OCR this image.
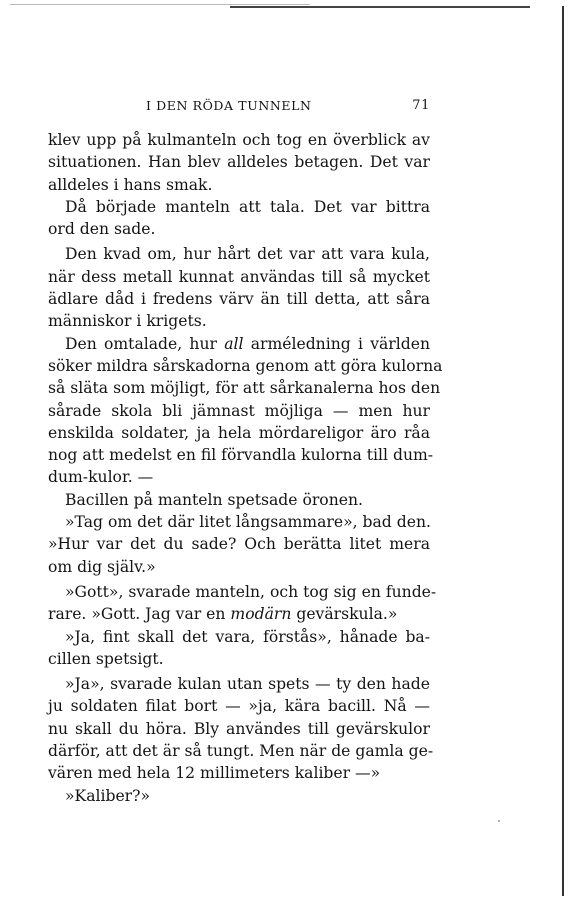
I DEN RÖDA TUNNELN	71
klev upp på kulmanteln och tog en överblick av
situationen. Han blev alldeles betagen. Det var
alldeles i hans smak.
Då började manteln att tala. Det var bittra
ord den sade.
Den kvad om, hur hårt det var att vara kula,
när dess metall kunnat användas till så mycket
ädlare dåd i fredens värv än till detta, att såra
människor i krigets.
Den omtalade, hur all arméledning i världen
söker mildra sårskadorna genom att göra kulorna
så släta som möjligt, för att sårkanalerna hos den
sårade skola bli jämnast möjliga — men hur
enskilda soldater, ja hela mördareligor äro råa
nog att medelst en fil förvandla kulorna till dum-
dum-kulor. —
Bacillen på manteln spetsade öronen.
»Tag om det där litet långsammare», bad den.
»Hur var det du sade? Och berätta litet mera
om dig själv.»
»Gott», svarade manteln, och tog sig en funde-
rare. »Gott. Jag var en modärn gevärskula.»
»Ja, fint skall det vara, förstås», hånade ba-
cillen spetsigt.
»Ja», svarade kulan utan spets — ty den hade
ju soldaten filat bort — »ja, kära bacill. Nå —
nu skall du höra. Bly användes till gevärskulor
därför, att det är så tungt. Men när de gamla ge-
vären med hela 12 millimeters kaliber —»
»Kaliber?»
